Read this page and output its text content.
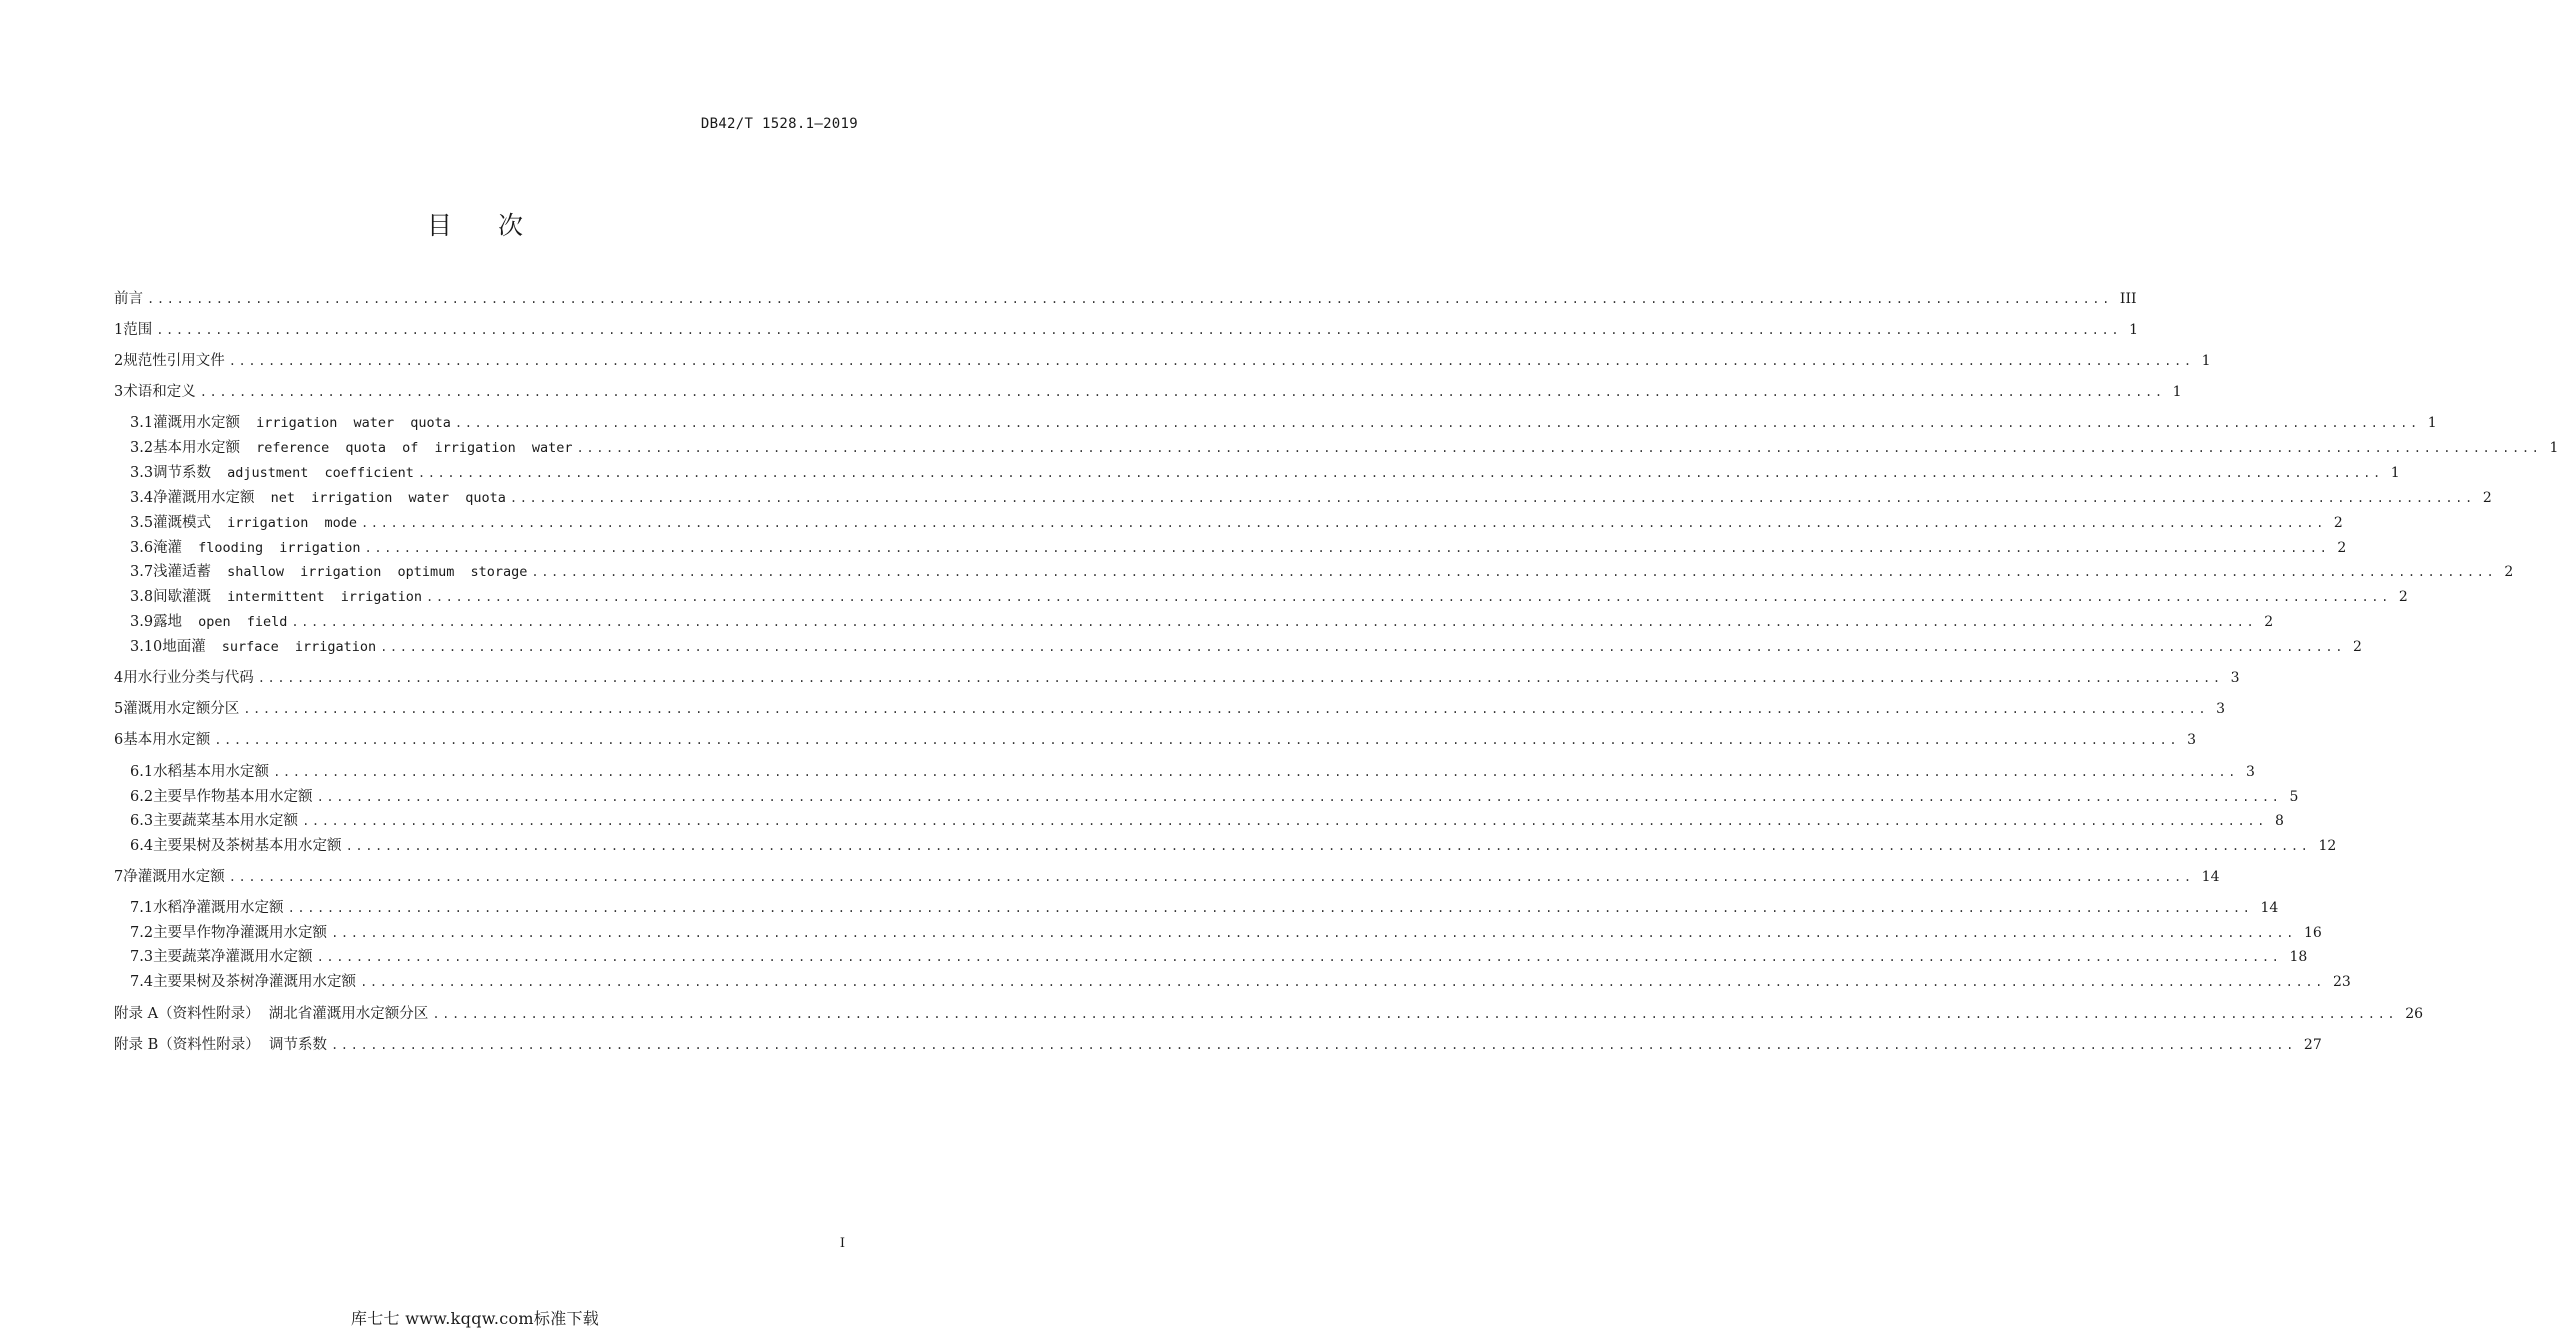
DB42/T 1528.1—2019
目次
前言 ........................................................................................................................................................................................................ III
1 范围 ........................................................................................................................................................................................................ 1
2 规范性引用文件 ........................................................................................................................................................................................................ 1
3 术语和定义 ........................................................................................................................................................................................................ 1
3.1 灌溉用水定额 irrigation water quota ........................................................................................................................................................................................................ 1
3.2 基本用水定额 reference quota of irrigation water ........................................................................................................................................................................................................ 1
3.3 调节系数 adjustment coefficient ........................................................................................................................................................................................................ 1
3.4 净灌溉用水定额 net irrigation water quota ........................................................................................................................................................................................................ 2
3.5 灌溉模式 irrigation mode ........................................................................................................................................................................................................ 2
3.6 淹灌 flooding irrigation ........................................................................................................................................................................................................ 2
3.7 浅灌适蓄 shallow irrigation optimum storage ........................................................................................................................................................................................................ 2
3.8 间歇灌溉 intermittent irrigation ........................................................................................................................................................................................................ 2
3.9 露地 open field ........................................................................................................................................................................................................ 2
3.10 地面灌 surface irrigation ........................................................................................................................................................................................................ 2
4 用水行业分类与代码 ........................................................................................................................................................................................................ 3
5 灌溉用水定额分区 ........................................................................................................................................................................................................ 3
6 基本用水定额 ........................................................................................................................................................................................................ 3
6.1 水稻基本用水定额 ........................................................................................................................................................................................................ 3
6.2 主要旱作物基本用水定额 ........................................................................................................................................................................................................ 5
6.3 主要蔬菜基本用水定额 ........................................................................................................................................................................................................ 8
6.4 主要果树及茶树基本用水定额 ........................................................................................................................................................................................................ 12
7 净灌溉用水定额 ........................................................................................................................................................................................................ 14
7.1 水稻净灌溉用水定额 ........................................................................................................................................................................................................ 14
7.2 主要旱作物净灌溉用水定额 ........................................................................................................................................................................................................ 16
7.3 主要蔬菜净灌溉用水定额 ........................................................................................................................................................................................................ 18
7.4 主要果树及茶树净灌溉用水定额 ........................................................................................................................................................................................................ 23
附录 A（资料性附录）  湖北省灌溉用水定额分区 ........................................................................................................................................................................................................ 26
附录 B（资料性附录）  调节系数 ........................................................................................................................................................................................................ 27
I
库七七 www.kqqw.com标准下载
